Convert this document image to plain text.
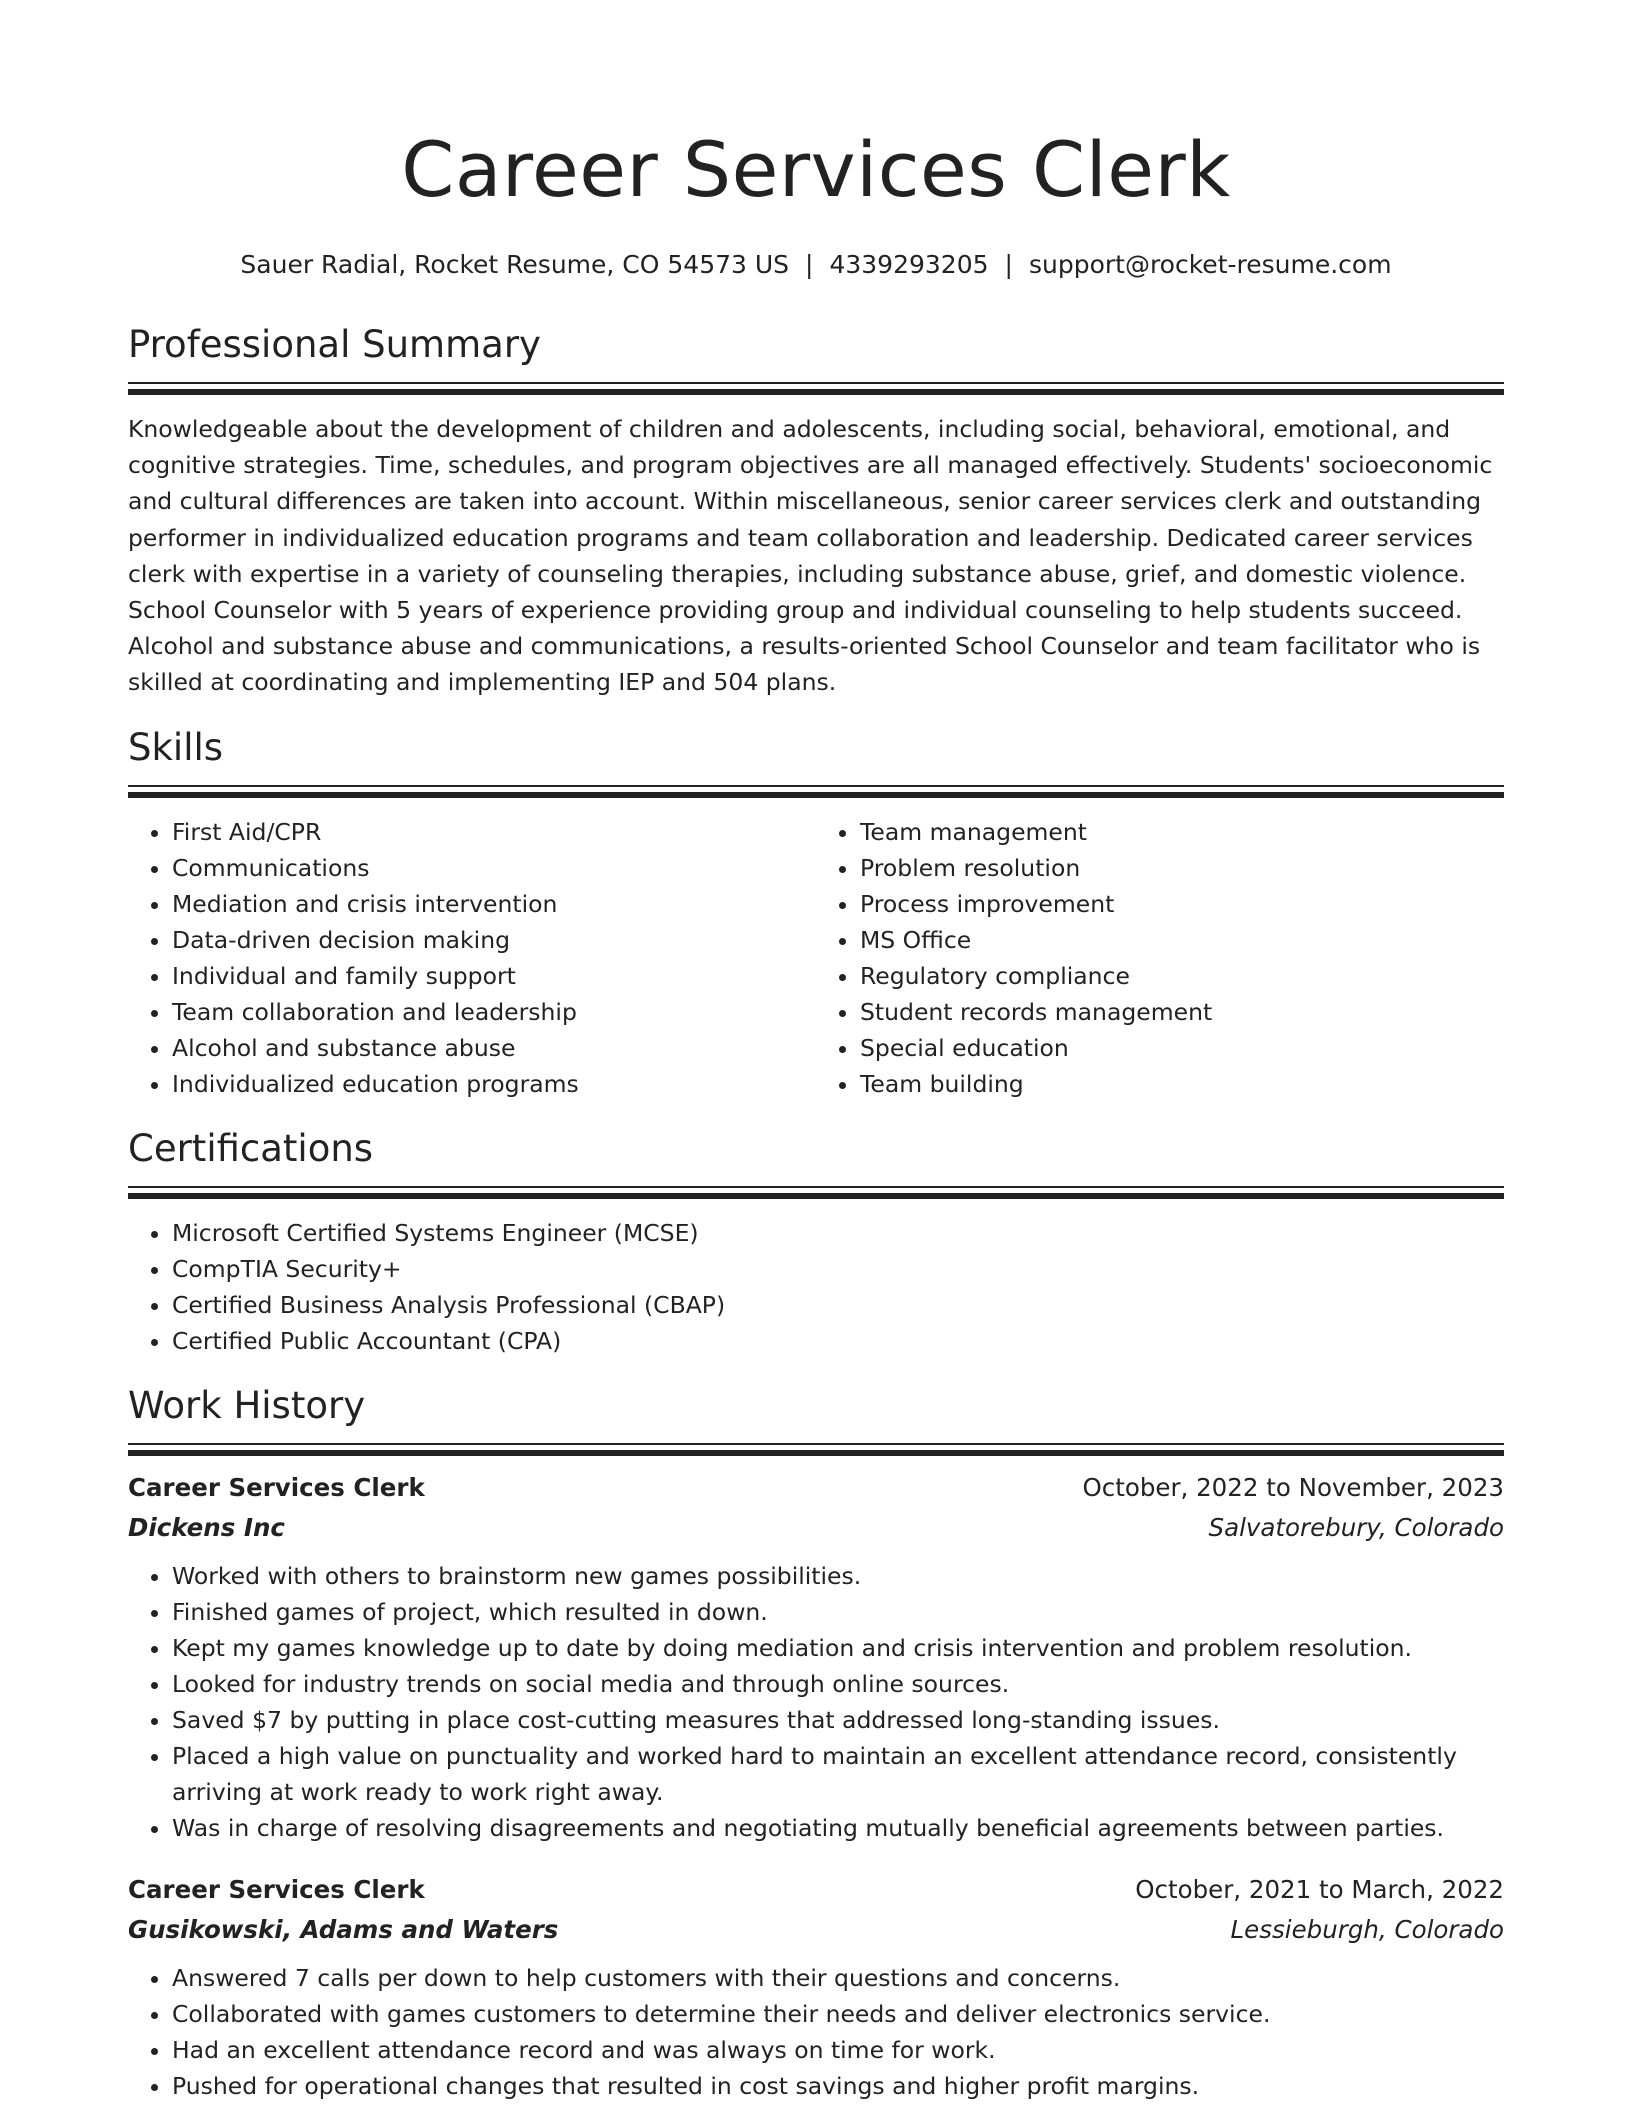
Career Services Clerk
Sauer Radial, Rocket Resume, CO 54573 US | 4339293205 | support@rocket-resume.com
Professional Summary

Knowledgeable about the development of children and adolescents, including social, behavioral, emotional, and cognitive strategies. Time, schedules, and program objectives are all managed effectively. Students' socioeconomic and cultural differences are taken into account. Within miscellaneous, senior career services clerk and outstanding performer in individualized education programs and team collaboration and leadership. Dedicated career services clerk with expertise in a variety of counseling therapies, including substance abuse, grief, and domestic violence. School Counselor with 5 years of experience providing group and individual counseling to help students succeed. Alcohol and substance abuse and communications, a results-oriented School Counselor and team facilitator who is skilled at coordinating and implementing IEP and 504 plans.

Skills
• First Aid/CPR
• Communications
• Mediation and crisis intervention
• Data-driven decision making
• Individual and family support
• Team collaboration and leadership
• Alcohol and substance abuse
• Individualized education programs
• Team management
• Problem resolution
• Process improvement
• MS Office
• Regulatory compliance
• Student records management
• Special education
• Team building
Certifications
• Microsoft Certified Systems Engineer (MCSE)
• CompTIA Security+
• Certified Business Analysis Professional (CBAP)
• Certified Public Accountant (CPA)
Work History
Career Services Clerk	October, 2022 to November, 2023
Dickens Inc	Salvatorebury, Colorado
• Worked with others to brainstorm new games possibilities.
• Finished games of project, which resulted in down.
• Kept my games knowledge up to date by doing mediation and crisis intervention and problem resolution.
• Looked for industry trends on social media and through online sources.
• Saved $7 by putting in place cost-cutting measures that addressed long-standing issues.
• Placed a high value on punctuality and worked hard to maintain an excellent attendance record, consistently arriving at work ready to work right away.
• Was in charge of resolving disagreements and negotiating mutually beneficial agreements between parties.
Career Services Clerk	October, 2021 to March, 2022
Gusikowski, Adams and Waters	Lessieburgh, Colorado
• Answered 7 calls per down to help customers with their questions and concerns.
• Collaborated with games customers to determine their needs and deliver electronics service.
• Had an excellent attendance record and was always on time for work.
• Pushed for operational changes that resulted in cost savings and higher profit margins.
